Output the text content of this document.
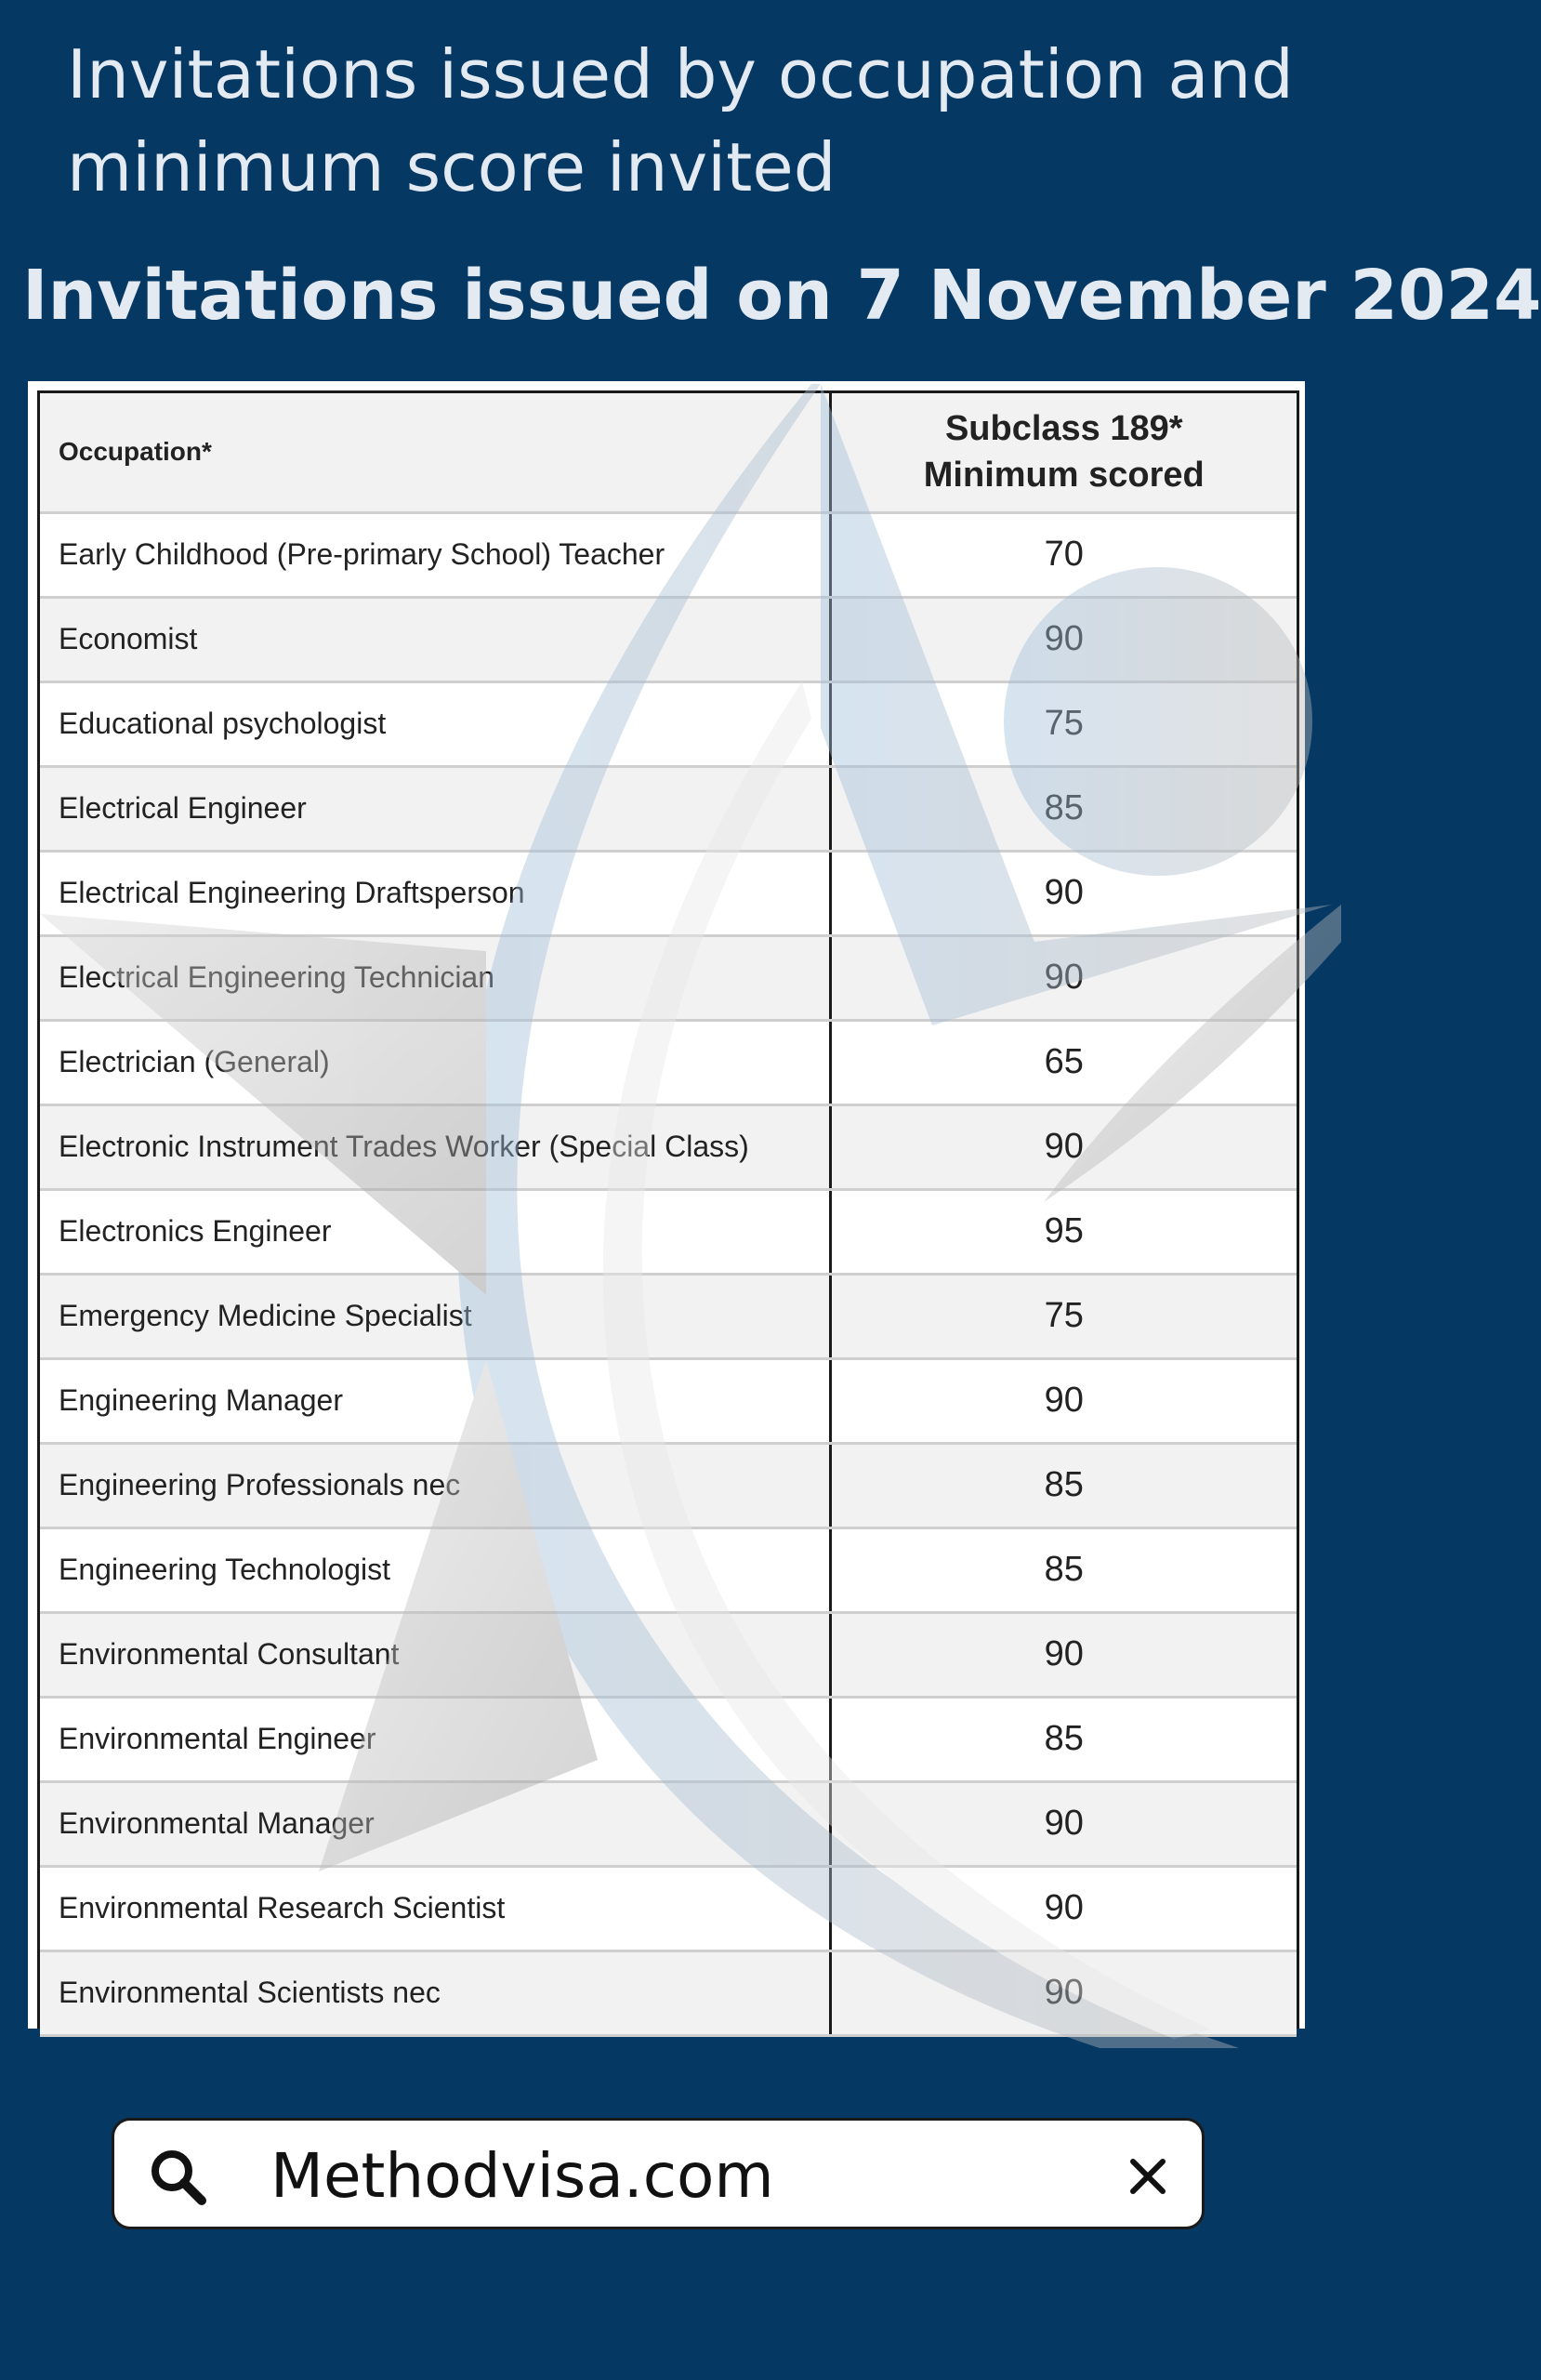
Invitations issued by occupation and minimum score invited
Invitations issued on 7 November 2024
Occupation*	Subclass 189*
Minimum scored
Early Childhood (Pre-primary School) Teacher	70
Economist	90
Educational psychologist	75
Electrical Engineer	85
Electrical Engineering Draftsperson	90
Electrical Engineering Technician	90
Electrician (General)	65
Electronic Instrument Trades Worker (Special Class)	90
Electronics Engineer	95
Emergency Medicine Specialist	75
Engineering Manager	90
Engineering Professionals nec	85
Engineering Technologist	85
Environmental Consultant	90
Environmental Engineer	85
Environmental Manager	90
Environmental Research Scientist	90
Environmental Scientists nec	90
Methodvisa.com
